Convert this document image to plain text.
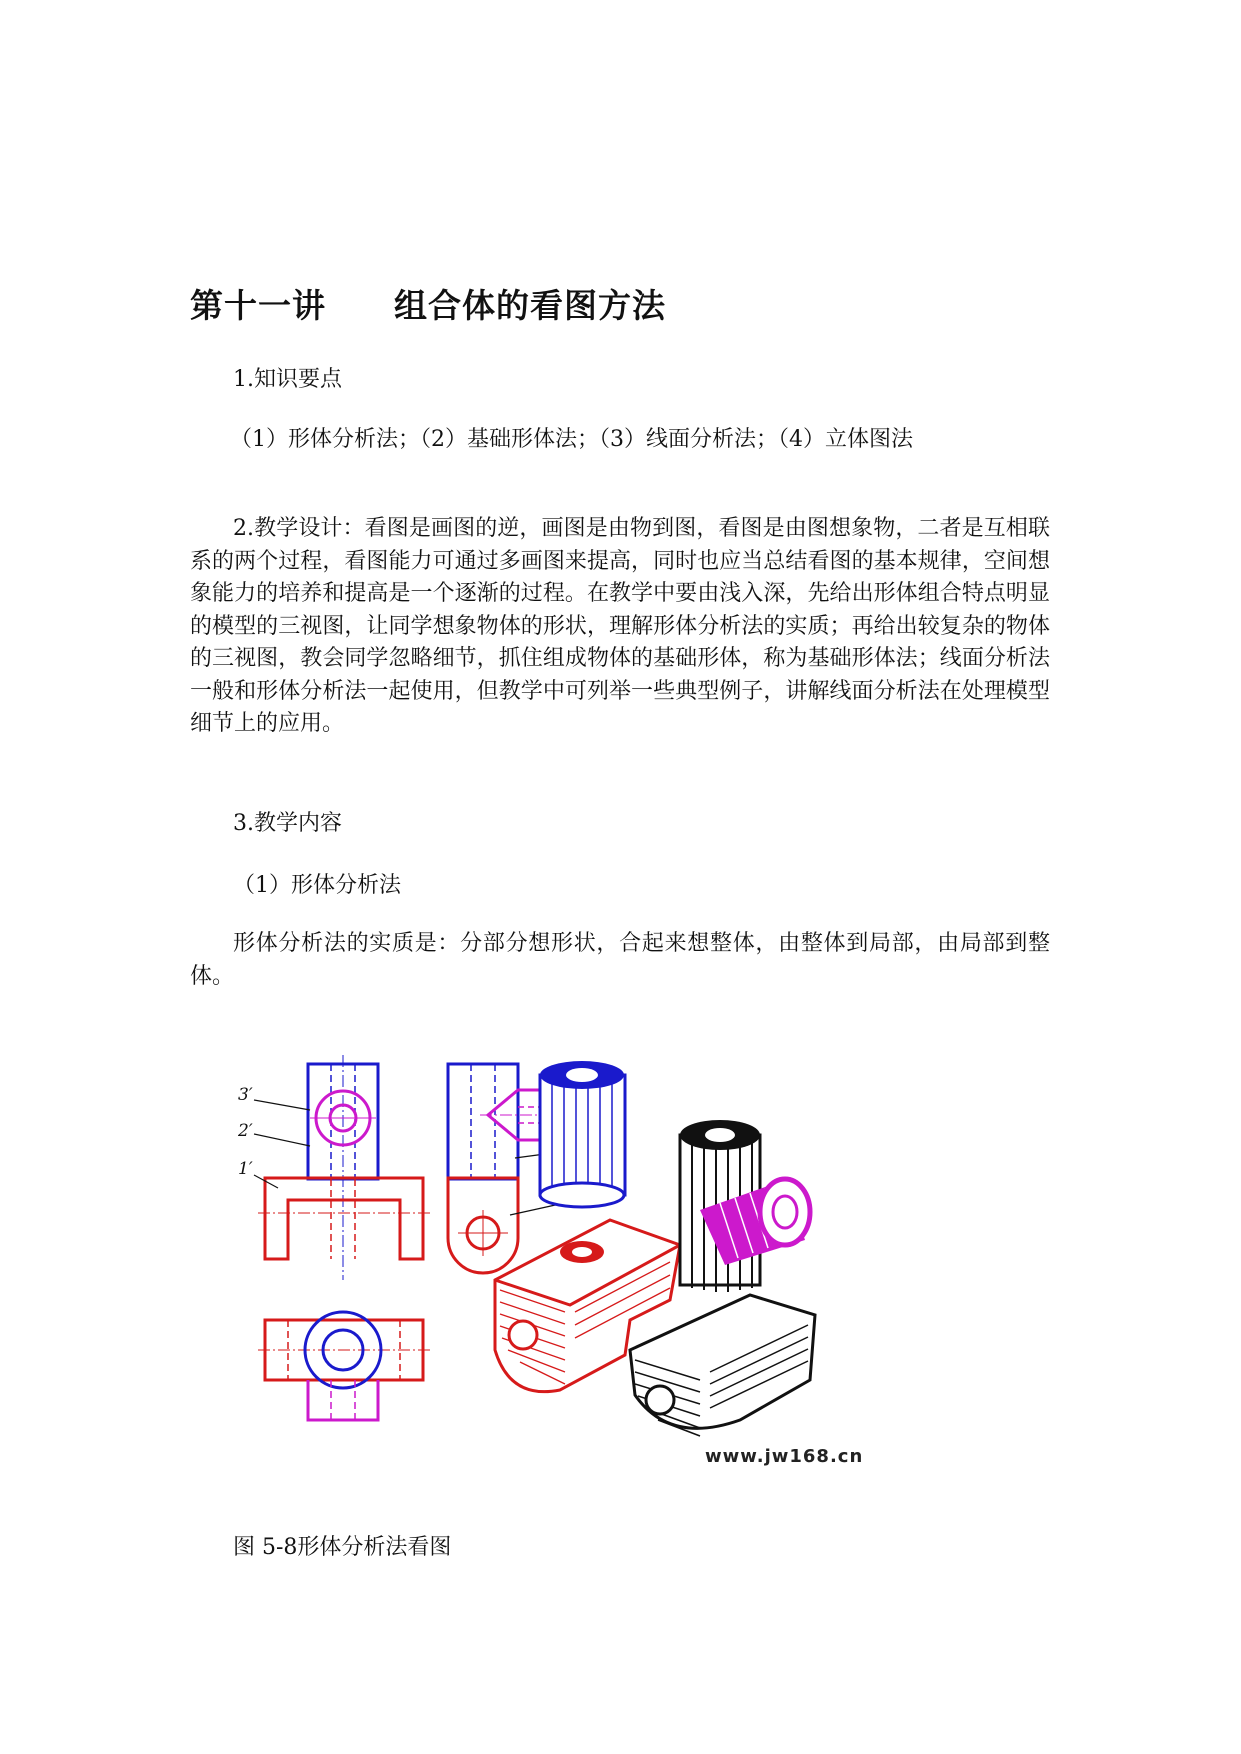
第十一讲　　组合体的看图方法

1.知识要点

（1）形体分析法；（2）基础形体法；（3）线面分析法；（4）立体图法

2.教学设计：看图是画图的逆，画图是由物到图，看图是由图想象物，二者是互相联系的两个过程，看图能力可通过多画图来提高，同时也应当总结看图的基本规律，空间想象能力的培养和提高是一个逐渐的过程。在教学中要由浅入深，先给出形体组合特点明显的模型的三视图，让同学想象物体的形状，理解形体分析法的实质；再给出较复杂的物体的三视图，教会同学忽略细节，抓住组成物体的基础形体，称为基础形体法；线面分析法一般和形体分析法一起使用，但教学中可列举一些典型例子，讲解线面分析法在处理模型细节上的应用。

3.教学内容

（1）形体分析法

形体分析法的实质是：分部分想形状，合起来想整体，由整体到局部，由局部到整体。

3′
2′
1′
www.jw168.cn

图 5-8形体分析法看图
